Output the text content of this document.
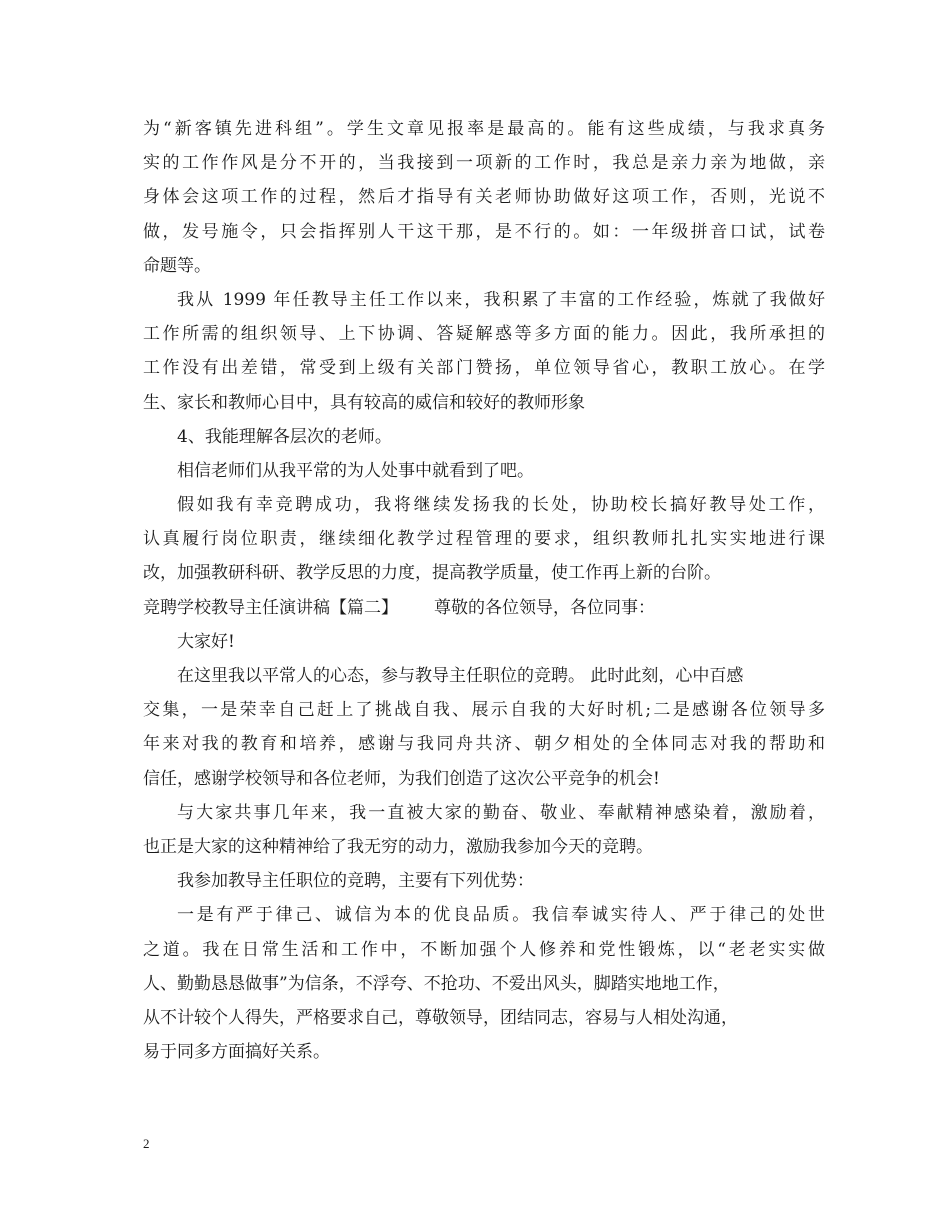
为“新客镇先进科组”。学生文章见报率是最高的。能有这些成绩，与我求真务
实的工作作风是分不开的，当我接到一项新的工作时，我总是亲力亲为地做，亲
身体会这项工作的过程，然后才指导有关老师协助做好这项工作，否则，光说不
做，发号施令，只会指挥别人干这干那，是不行的。如：一年级拼音口试，试卷
命题等。
我从 1999 年任教导主任工作以来，我积累了丰富的工作经验，炼就了我做好
工作所需的组织领导、上下协调、答疑解惑等多方面的能力。因此，我所承担的
工作没有出差错，常受到上级有关部门赞扬，单位领导省心，教职工放心。在学
生、家长和教师心目中，具有较高的威信和较好的教师形象
4、我能理解各层次的老师。
相信老师们从我平常的为人处事中就看到了吧。
假如我有幸竞聘成功，我将继续发扬我的长处，协助校长搞好教导处工作，
认真履行岗位职责，继续细化教学过程管理的要求，组织教师扎扎实实地进行课
改，加强教研科研、教学反思的力度，提高教学质量，使工作再上新的台阶。
竞聘学校教导主任演讲稿【篇二】 尊敬的各位领导，各位同事：
大家好!
在这里我以平常人的心态，参与教导主任职位的竞聘。 此时此刻，心中百感
交集，一是荣幸自己赶上了挑战自我、展示自我的大好时机;二是感谢各位领导多
年来对我的教育和培养，感谢与我同舟共济、朝夕相处的全体同志对我的帮助和
信任，感谢学校领导和各位老师，为我们创造了这次公平竞争的机会!
与大家共事几年来，我一直被大家的勤奋、敬业、奉献精神感染着，激励着，
也正是大家的这种精神给了我无穷的动力，激励我参加今天的竞聘。
我参加教导主任职位的竞聘，主要有下列优势：
一是有严于律己、诚信为本的优良品质。我信奉诚实待人、严于律己的处世
之道。我在日常生活和工作中，不断加强个人修养和党性锻炼，以“老老实实做
人、勤勤恳恳做事”为信条，不浮夸、不抢功、不爱出风头，脚踏实地地工作，
从不计较个人得失，严格要求自己，尊敬领导，团结同志，容易与人相处沟通，
易于同多方面搞好关系。
2
